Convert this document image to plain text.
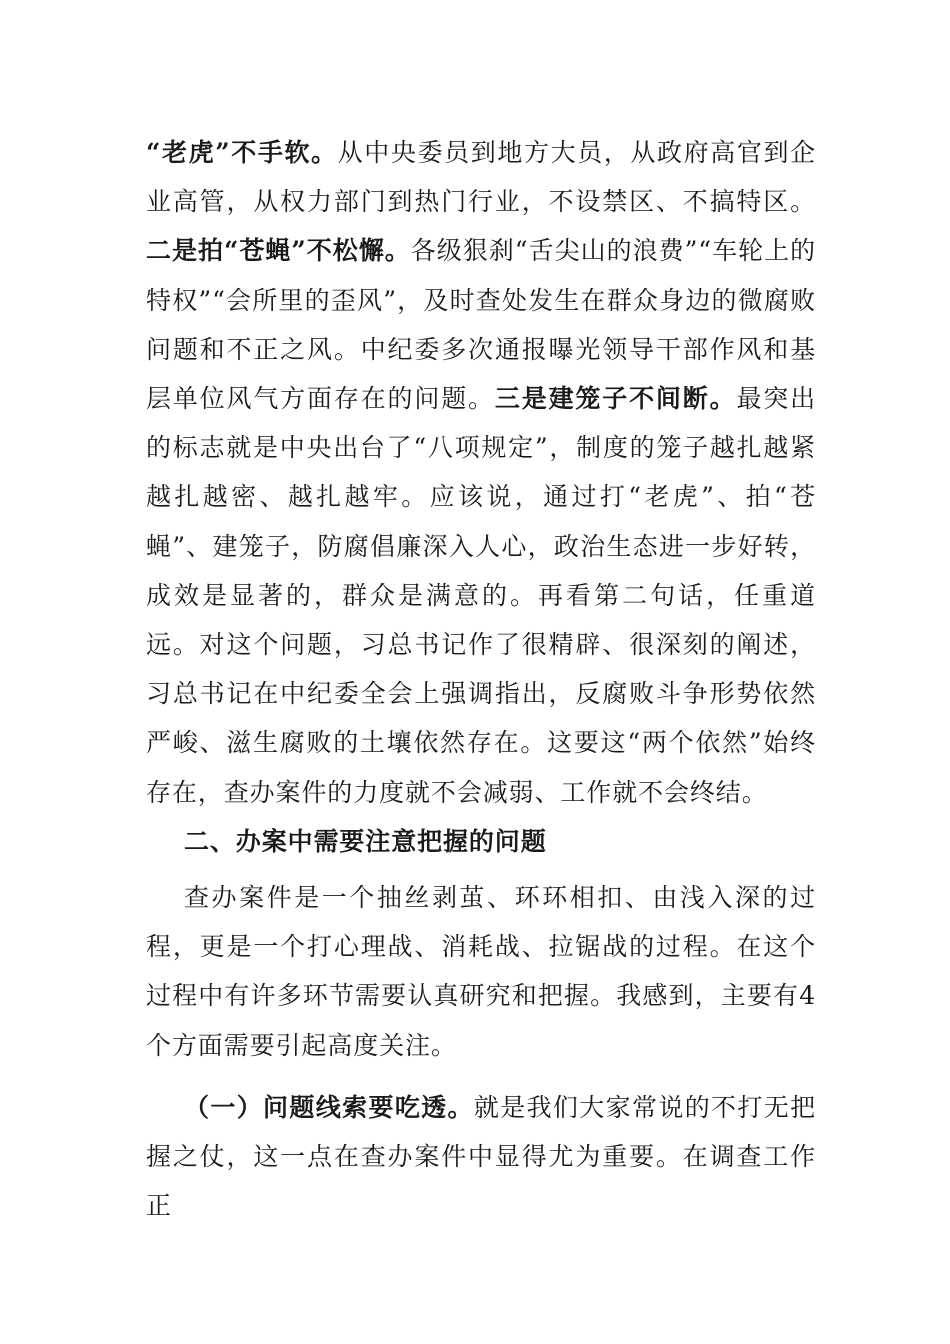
“老虎”不手软。从中央委员到地方大员，从政府高官到企业高管，从权力部门到热门行业，不设禁区、不搞特区。二是拍“苍蝇”不松懈。各级狠刹“舌尖山的浪费”“车轮上的特权”“会所里的歪风”，及时查处发生在群众身边的微腐败问题和不正之风。中纪委多次通报曝光领导干部作风和基层单位风气方面存在的问题。三是建笼子不间断。最突出的标志就是中央出台了“八项规定”，制度的笼子越扎越紧越扎越密、越扎越牢。应该说，通过打“老虎”、拍“苍蝇”、建笼子，防腐倡廉深入人心，政治生态进一步好转，成效是显著的，群众是满意的。再看第二句话，任重道远。对这个问题，习总书记作了很精辟、很深刻的阐述，习总书记在中纪委全会上强调指出，反腐败斗争形势依然严峻、滋生腐败的土壤依然存在。这要这“两个依然”始终存在，查办案件的力度就不会减弱、工作就不会终结。

二、办案中需要注意把握的问题

查办案件是一个抽丝剥茧、环环相扣、由浅入深的过程，更是一个打心理战、消耗战、拉锯战的过程。在这个过程中有许多环节需要认真研究和把握。我感到，主要有4个方面需要引起高度关注。

（一）问题线索要吃透。就是我们大家常说的不打无把握之仗，这一点在查办案件中显得尤为重要。在调查工作正
